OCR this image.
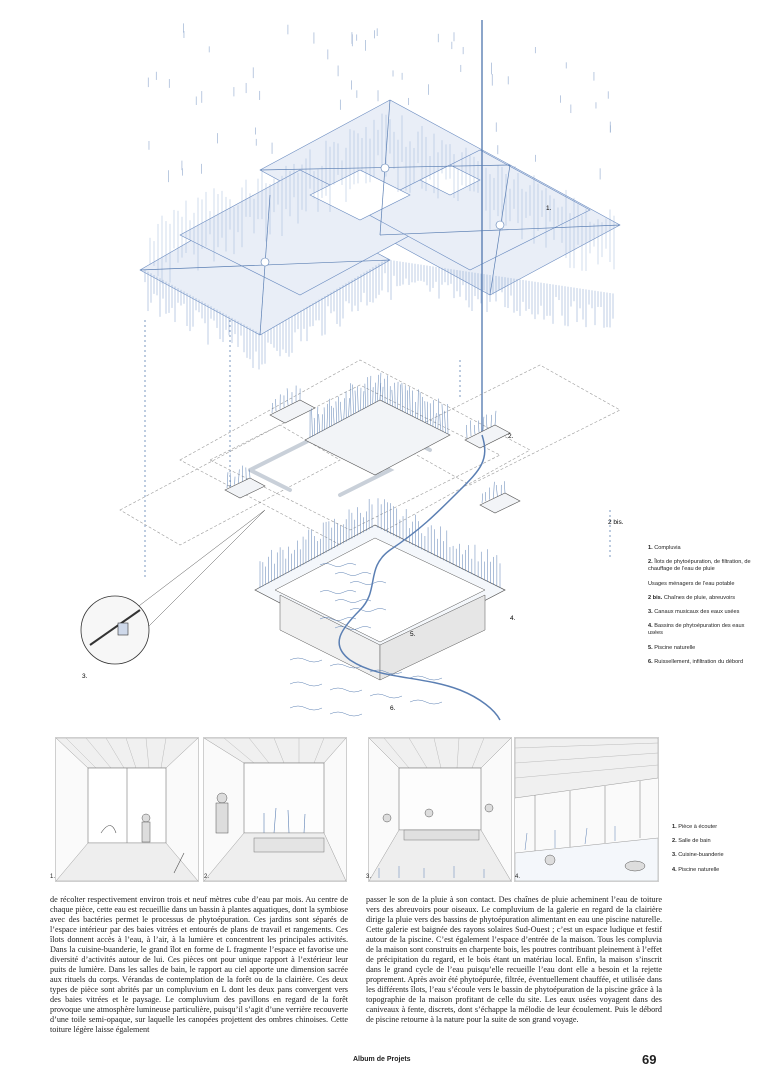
1.
2.
2 bis.
3.
4.
5.
6.
1. Compluvia
2. Îlots de phytoépuration, de filtration, de chauffage de l’eau de pluie
Usages ménagers de l’eau potable
2 bis. Chaînes de pluie, abreuvoirs
3. Canaux musicaux des eaux usées
4. Bassins de phytoépuration des eaux usées
5. Piscine naturelle
6. Ruissellement, infiltration du débord
1.	2.	3.	4.
1. Pièce à écouter
2. Salle de bain
3. Cuisine-buanderie
4. Piscine naturelle
de récolter respectivement environ trois et neuf mètres cube d’eau par mois. Au centre de chaque pièce, cette eau est recueillie dans un bassin à plantes aquatiques, dont la symbiose avec des bactéries permet le processus de phytoépuration. Ces jardins sont séparés de l’espace intérieur par des baies vitrées et entourés de plans de travail et rangements. Ces îlots donnent accès à l’eau, à l’air, à la lumière et concentrent les principales activités. Dans la cuisine-buanderie, le grand îlot en forme de L fragmente l’espace et favorise une diversité d’activités autour de lui. Ces pièces ont pour unique rapport à l’extérieur leur puits de lumière. Dans les salles de bain, le rapport au ciel apporte une dimension sacrée aux rituels du corps. Vérandas de contemplation de la forêt ou de la clairière. Ces deux types de pièce sont abrités par un compluvium en L dont les deux pans convergent vers des baies vitrées et le paysage. Le compluvium des pavillons en regard de la forêt provoque une atmosphère lumineuse particulière, puisqu’il s’agit d’une verrière recouverte d’une toile semi-opaque, sur laquelle les canopées projettent des ombres chinoises. Cette toiture légère laisse également
passer le son de la pluie à son contact. Des chaînes de pluie acheminent l’eau de toiture vers des abreuvoirs pour oiseaux. Le compluvium de la galerie en regard de la clairière dirige la pluie vers des bassins de phytoépuration alimentant en eau une piscine naturelle. Cette galerie est baignée des rayons solaires Sud-Ouest ; c’est un espace ludique et festif autour de la piscine. C’est également l’espace d’entrée de la maison. Tous les compluvia de la maison sont construits en charpente bois, les poutres contribuant pleinement à l’effet de précipitation du regard, et le bois étant un matériau local. Enfin, la maison s’inscrit dans le grand cycle de l’eau puisqu’elle recueille l’eau dont elle a besoin et la rejette proprement. Après avoir été phytoépurée, filtrée, éventuellement chauffée, et utilisée dans les différents îlots, l’eau s’écoule vers le bassin de phytoépuration de la piscine grâce à la topographie de la maison profitant de celle du site. Les eaux usées voyagent dans des caniveaux à fente, discrets, dont s’échappe la mélodie de leur écoulement. Puis le débord de piscine retourne à la nature pour la suite de son grand voyage.
Album de Projets	69
